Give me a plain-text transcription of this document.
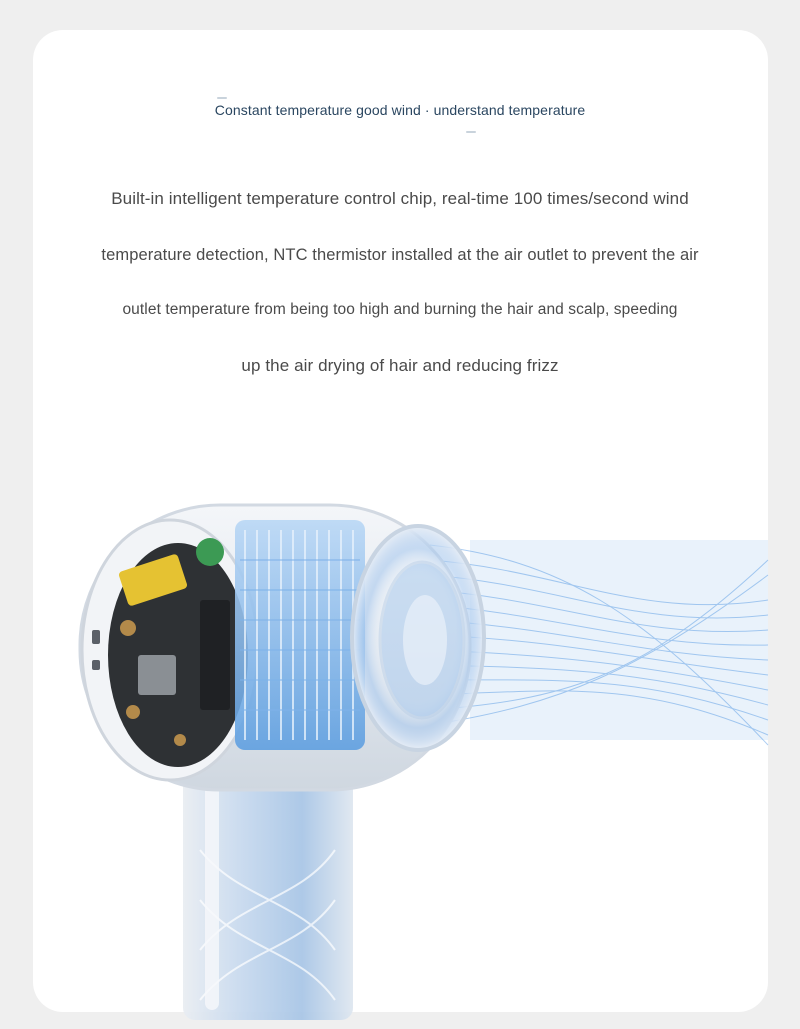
Constant temperature good wind · understand temperature
Built-in intelligent temperature control chip, real-time 100 times/second wind
temperature detection, NTC thermistor installed at the air outlet to prevent the air
outlet temperature from being too high and burning the hair and scalp, speeding
up the air drying of hair and reducing frizz
